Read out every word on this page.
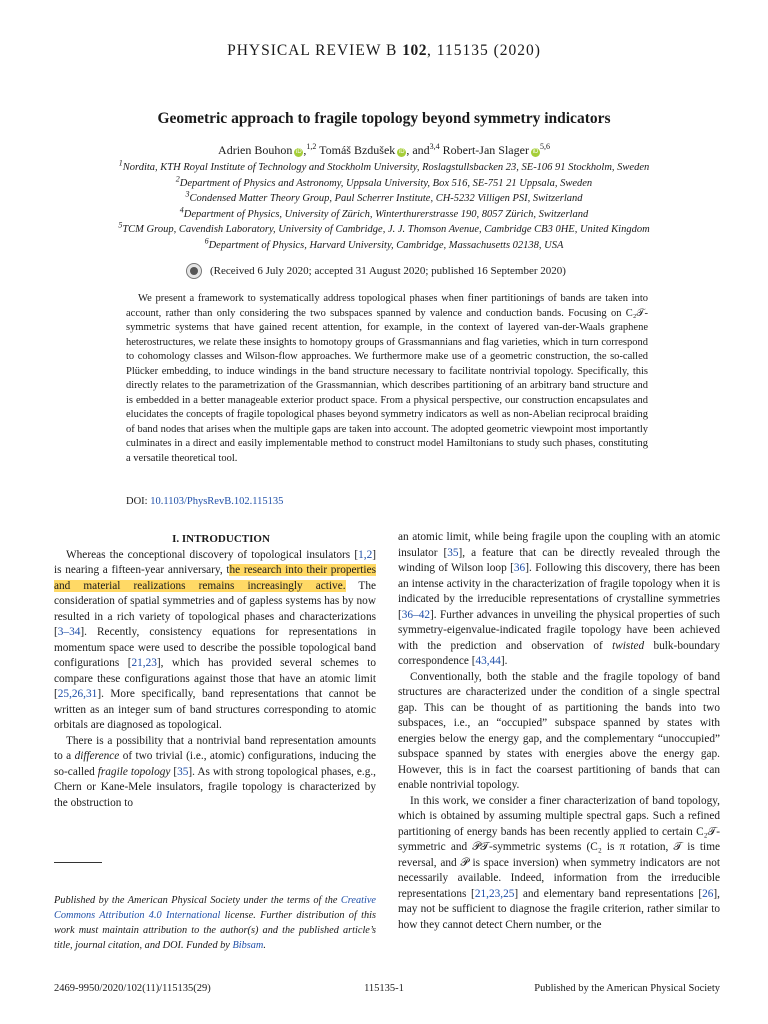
PHYSICAL REVIEW B 102, 115135 (2020)
Geometric approach to fragile topology beyond symmetry indicators
Adrien Bouhon iD ,$^{1,2}$ Tomáš Bzdušek iD , and$^{3,4}$ Robert-Jan Slager iD$^{5,6}$
$^1$Nordita, KTH Royal Institute of Technology and Stockholm University, Roslagstullsbacken 23, SE-106 91 Stockholm, Sweden
$^2$Department of Physics and Astronomy, Uppsala University, Box 516, SE-751 21 Uppsala, Sweden
$^3$Condensed Matter Theory Group, Paul Scherrer Institute, CH-5232 Villigen PSI, Switzerland
$^4$Department of Physics, University of Zürich, Winterthurerstrasse 190, 8057 Zürich, Switzerland
$^5$TCM Group, Cavendish Laboratory, University of Cambridge, J. J. Thomson Avenue, Cambridge CB3 0HE, United Kingdom
$^6$Department of Physics, Harvard University, Cambridge, Massachusetts 02138, USA
(Received 6 July 2020; accepted 31 August 2020; published 16 September 2020)
We present a framework to systematically address topological phases when finer partitionings of bands are taken into account, rather than only considering the two subspaces spanned by valence and conduction bands. Focusing on C₂𝒯-symmetric systems that have gained recent attention, for example, in the context of layered van-der-Waals graphene heterostructures, we relate these insights to homotopy groups of Grassmannians and flag varieties, which in turn correspond to cohomology classes and Wilson-flow approaches. We furthermore make use of a geometric construction, the so-called Plücker embedding, to induce windings in the band structure necessary to facilitate nontrivial topology. Specifically, this directly relates to the parametrization of the Grassmannian, which describes partitioning of an arbitrary band structure and is embedded in a better manageable exterior product space. From a physical perspective, our construction encapsulates and elucidates the concepts of fragile topological phases beyond symmetry indicators as well as non-Abelian reciprocal braiding of band nodes that arises when the multiple gaps are taken into account. The adopted geometric viewpoint most importantly culminates in a direct and easily implementable method to construct model Hamiltonians to study such phases, constituting a versatile theoretical tool.
DOI: 10.1103/PhysRevB.102.115135

I. INTRODUCTION

Whereas the conceptional discovery of topological insulators [1,2] is nearing a fifteen-year anniversary, the research into their properties and material realizations remains increasingly active. The consideration of spatial symmetries and of gapless systems has by now resulted in a rich variety of topological phases and characterizations [3–34]. Recently, consistency equations for representations in momentum space were used to describe the possible topological band configurations [21,23], which has provided several schemes to compare these configurations against those that have an atomic limit [25,26,31]. More specifically, band representations that cannot be written as an integer sum of band structures corresponding to atomic orbitals are diagnosed as topological.

There is a possibility that a nontrivial band representation amounts to a difference of two trivial (i.e., atomic) configurations, inducing the so-called fragile topology [35]. As with strong topological phases, e.g., Chern or Kane-Mele insulators, fragile topology is characterized by the obstruction to

Published by the American Physical Society under the terms of the Creative Commons Attribution 4.0 International license. Further distribution of this work must maintain attribution to the author(s) and the published article’s title, journal citation, and DOI. Funded by Bibsam.

an atomic limit, while being fragile upon the coupling with an atomic insulator [35], a feature that can be directly revealed through the winding of Wilson loop [36]. Following this discovery, there has been an intense activity in the characterization of fragile topology when it is indicated by the irreducible representations of crystalline symmetries [36–42]. Further advances in unveiling the physical properties of such symmetry-eigenvalue-indicated fragile topology have been achieved with the prediction and observation of twisted bulk-boundary correspondence [43,44].

Conventionally, both the stable and the fragile topology of band structures are characterized under the condition of a single spectral gap. This can be thought of as partitioning the bands into two subspaces, i.e., an “occupied” subspace spanned by states with energies below the energy gap, and the complementary “unoccupied” subspace spanned by states with energies above the energy gap. However, this is in fact the coarsest partitioning of bands that can enable nontrivial topology.

In this work, we consider a finer characterization of band topology, which is obtained by assuming multiple spectral gaps. Such a refined partitioning of energy bands has been recently applied to certain C₂𝒯-symmetric and 𝒫𝒯-symmetric systems (C₂ is π rotation, 𝒯 is time reversal, and 𝒫 is space inversion) when symmetry indicators are not necessarily available. Indeed, information from the irreducible representations [21,23,25] and elementary band representations [26], may not be sufficient to diagnose the fragile criterion, rather similar to how they cannot detect Chern number, or the

2469-9950/2020/102(11)/115135(29)	115135-1	Published by the American Physical Society
